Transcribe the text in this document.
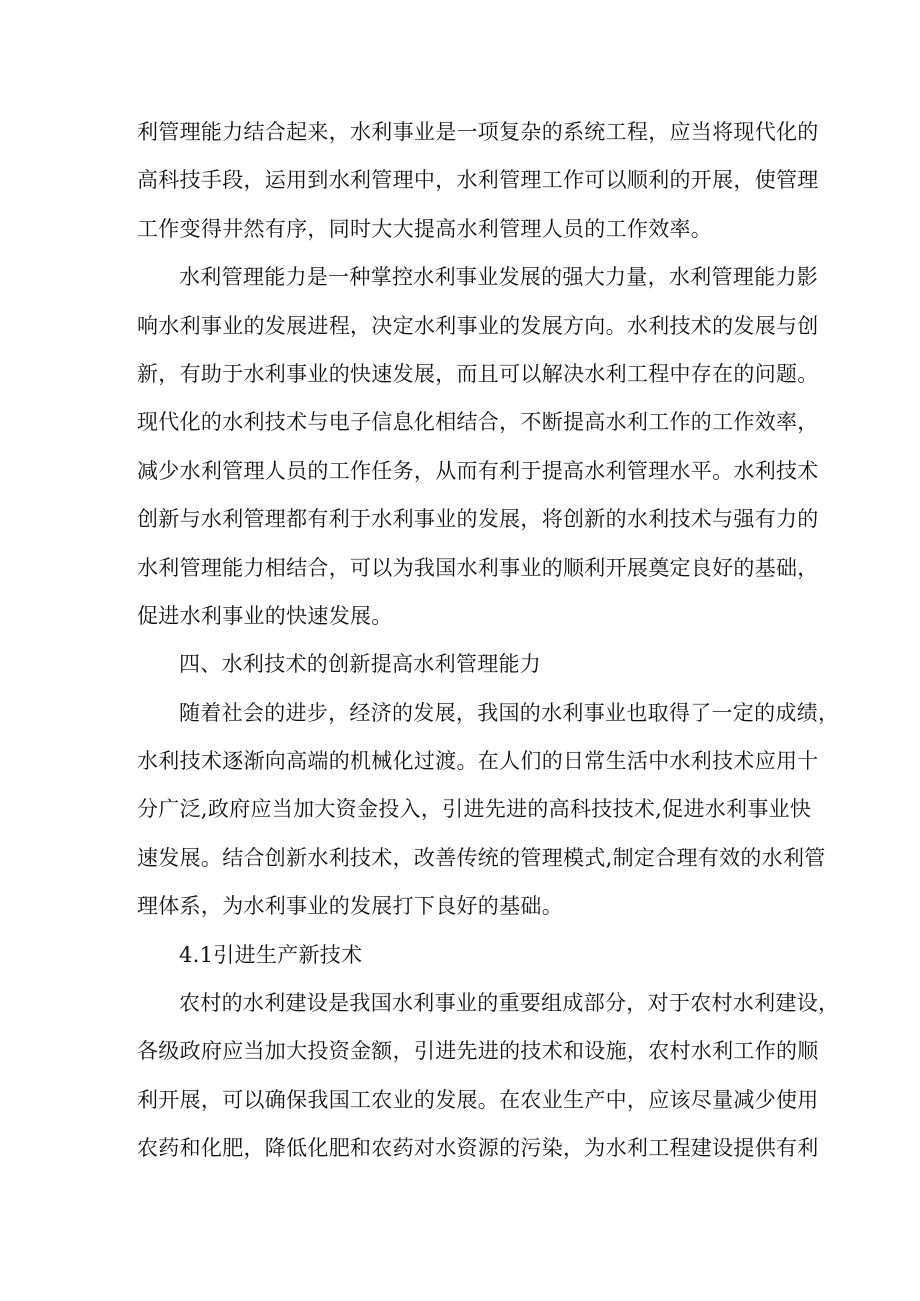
利管理能力结合起来，水利事业是一项复杂的系统工程，应当将现代化的
高科技手段，运用到水利管理中，水利管理工作可以顺利的开展，使管理
工作变得井然有序，同时大大提高水利管理人员的工作效率。
水利管理能力是一种掌控水利事业发展的强大力量，水利管理能力影
响水利事业的发展进程，决定水利事业的发展方向。水利技术的发展与创
新，有助于水利事业的快速发展，而且可以解决水利工程中存在的问题。
现代化的水利技术与电子信息化相结合，不断提高水利工作的工作效率，
减少水利管理人员的工作任务，从而有利于提高水利管理水平。水利技术
创新与水利管理都有利于水利事业的发展，将创新的水利技术与强有力的
水利管理能力相结合，可以为我国水利事业的顺利开展奠定良好的基础，
促进水利事业的快速发展。
四、水利技术的创新提高水利管理能力
随着社会的进步，经济的发展，我国的水利事业也取得了一定的成绩，
水利技术逐渐向高端的机械化过渡。在人们的日常生活中水利技术应用十
分广泛,政府应当加大资金投入，引进先进的高科技技术,促进水利事业快
速发展。结合创新水利技术，改善传统的管理模式,制定合理有效的水利管
理体系，为水利事业的发展打下良好的基础。
4.1引进生产新技术
农村的水利建设是我国水利事业的重要组成部分，对于农村水利建设，
各级政府应当加大投资金额，引进先进的技术和设施，农村水利工作的顺
利开展，可以确保我国工农业的发展。在农业生产中，应该尽量减少使用
农药和化肥，降低化肥和农药对水资源的污染，为水利工程建设提供有利
